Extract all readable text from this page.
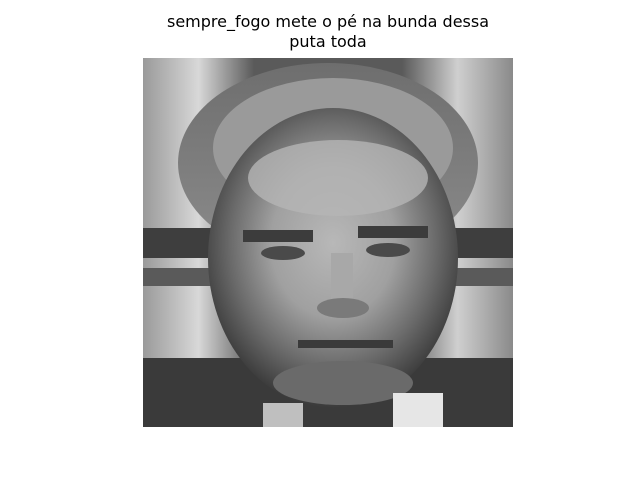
sempre_fogo mete o pé na bunda dessa
puta toda
